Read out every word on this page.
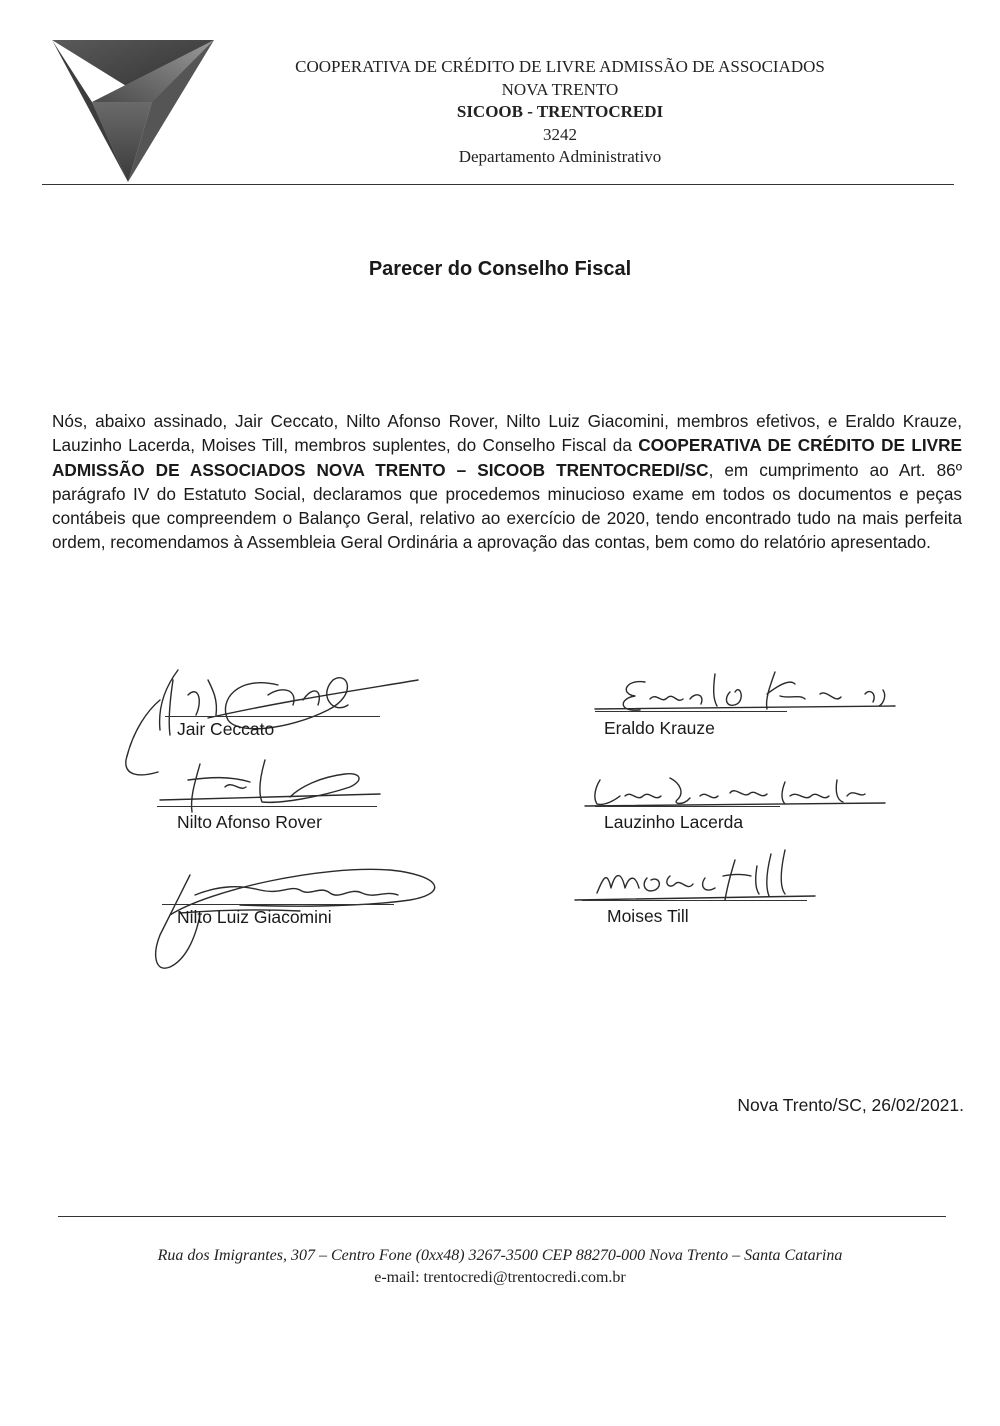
COOPERATIVA DE CRÉDITO DE LIVRE ADMISSÃO DE ASSOCIADOS
NOVA TRENTO
SICOOB - TRENTOCREDI
3242
Departamento Administrativo
Parecer do Conselho Fiscal
Nós, abaixo assinado, Jair Ceccato, Nilto Afonso Rover, Nilto Luiz Giacomini, membros efetivos, e Eraldo Krauze, Lauzinho Lacerda, Moises Till, membros suplentes, do Conselho Fiscal da COOPERATIVA DE CRÉDITO DE LIVRE ADMISSÃO DE ASSOCIADOS NOVA TRENTO – SICOOB TRENTOCREDI/SC, em cumprimento ao Art. 86º parágrafo IV do Estatuto Social, declaramos que procedemos minucioso exame em todos os documentos e peças contábeis que compreendem o Balanço Geral, relativo ao exercício de 2020, tendo encontrado tudo na mais perfeita ordem, recomendamos à Assembleia Geral Ordinária a aprovação das contas, bem como do relatório apresentado.
Jair Ceccato
Nilto Afonso Rover
Nilto Luiz Giacomini
Eraldo Krauze
Lauzinho Lacerda
Moises Till
Nova Trento/SC, 26/02/2021.
Rua dos Imigrantes, 307 – Centro Fone (0xx48) 3267-3500 CEP 88270-000 Nova Trento – Santa Catarina
e-mail: trentocredi@trentocredi.com.br
